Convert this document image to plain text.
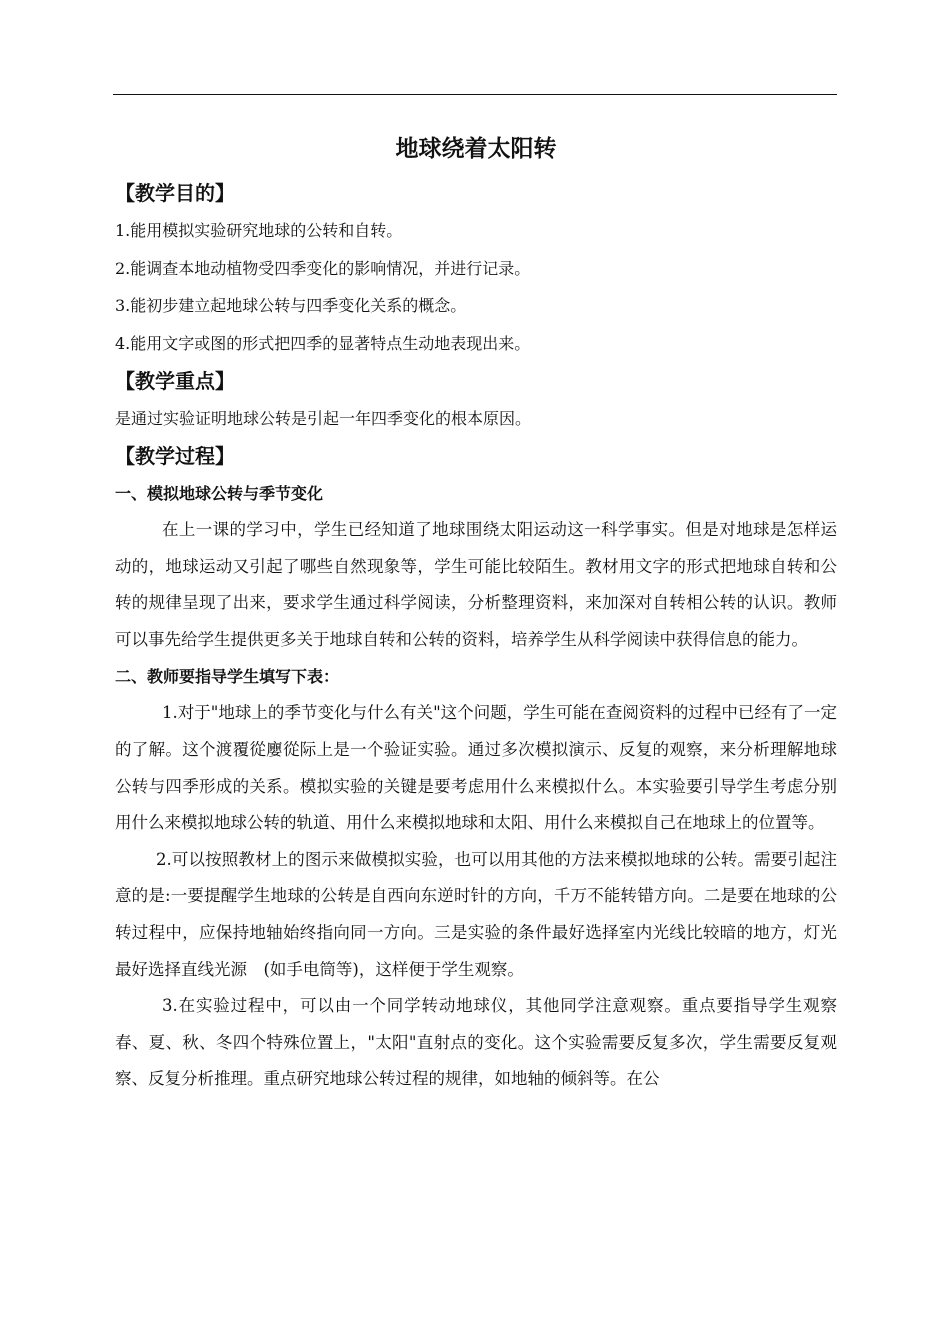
地球绕着太阳转
【教学目的】

1.能用模拟实验研究地球的公转和自转。

2.能调查本地动植物受四季变化的影响情况，并进行记录。

3.能初步建立起地球公转与四季变化关系的概念。

4.能用文字或图的形式把四季的显著特点生动地表现出来。

【教学重点】

是通过实验证明地球公转是引起一年四季变化的根本原因。

【教学过程】
一、模拟地球公转与季节变化

在上一课的学习中，学生已经知道了地球围绕太阳运动这一科学事实。但是对地球是怎样运动的，地球运动又引起了哪些自然现象等，学生可能比较陌生。教材用文字的形式把地球自转和公转的规律呈现了出来，要求学生通过科学阅读，分析整理资料，来加深对自转相公转的认识。教师可以事先给学生提供更多关于地球自转和公转的资料，培养学生从科学阅读中获得信息的能力。

二、教师要指导学生填写下表：

1.对于"地球上的季节变化与什么有关"这个问题，学生可能在查阅资料的过程中已经有了一定的了解。这个渡覆從廮從际上是一个验证实验。通过多次模拟演示、反复的观察，来分析理解地球公转与四季形成的关系。模拟实验的关键是要考虑用什么来模拟什么。本实验要引导学生考虑分别用什么来模拟地球公转的轨道、用什么来模拟地球和太阳、用什么来模拟自己在地球上的位置等。

2.可以按照教材上的图示来做模拟实验，也可以用其他的方法来模拟地球的公转。需要引起注意的是:一要提醒学生地球的公转是自西向东逆时针的方向，千万不能转错方向。二是要在地球的公转过程中，应保持地轴始终指向同一方向。三是实验的条件最好选择室内光线比较暗的地方，灯光最好选择直线光源　(如手电筒等)，这样便于学生观察。

3.在实验过程中，可以由一个同学转动地球仪，其他同学注意观察。重点要指导学生观察春、夏、秋、冬四个特殊位置上，"太阳"直射点的变化。这个实验需要反复多次，学生需要反复观察、反复分析推理。重点研究地球公转过程的规律，如地轴的倾斜等。在公
